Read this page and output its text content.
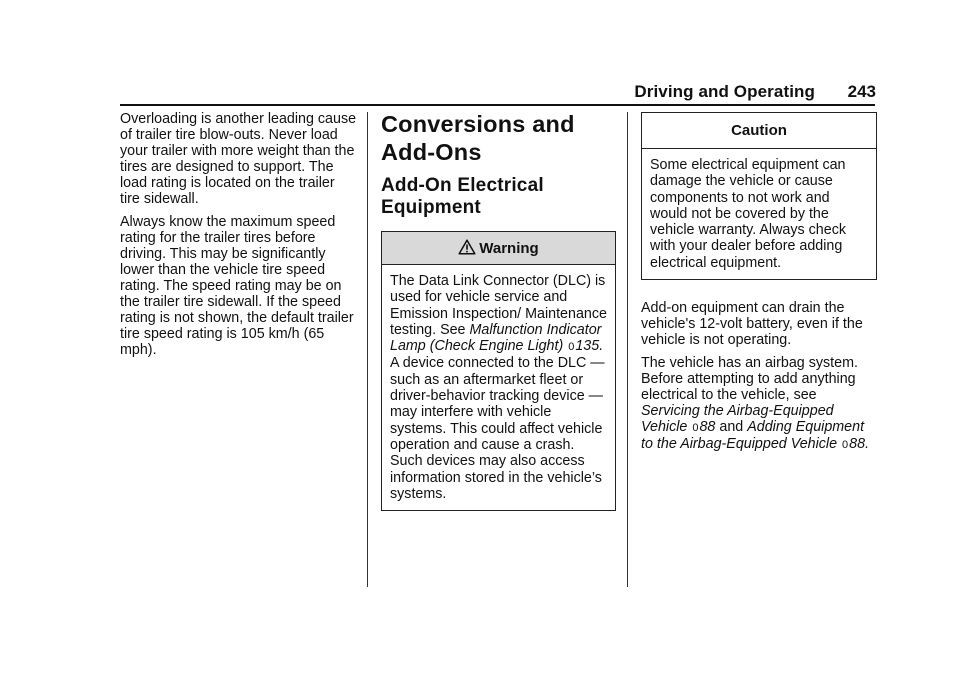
Driving and Operating	243

Overloading is another leading cause of trailer tire blow-outs. Never load your trailer with more weight than the tires are designed to support. The load rating is located on the trailer tire sidewall.

Always know the maximum speed rating for the trailer tires before driving. This may be significantly lower than the vehicle tire speed rating. The speed rating may be on the trailer tire sidewall. If the speed rating is not shown, the default trailer tire speed rating is 105 km/h (65 mph).

Conversions and
Add-Ons
Add-On Electrical
Equipment
Warning
The Data Link Connector (DLC) is used for vehicle service and Emission Inspection/ Maintenance testing. See Malfunction Indicator Lamp (Check Engine Light) 0135.
A device connected to the DLC — such as an aftermarket fleet or driver-behavior tracking device — may interfere with vehicle systems. This could affect vehicle operation and cause a crash. Such devices may also access information stored in the vehicle’s systems.
Caution
Some electrical equipment can damage the vehicle or cause components to not work and would not be covered by the vehicle warranty. Always check with your dealer before adding electrical equipment.

Add-on equipment can drain the vehicle's 12-volt battery, even if the vehicle is not operating.

The vehicle has an airbag system. Before attempting to add anything electrical to the vehicle, see Servicing the Airbag-Equipped Vehicle 088 and Adding Equipment to the Airbag-Equipped Vehicle 088.
